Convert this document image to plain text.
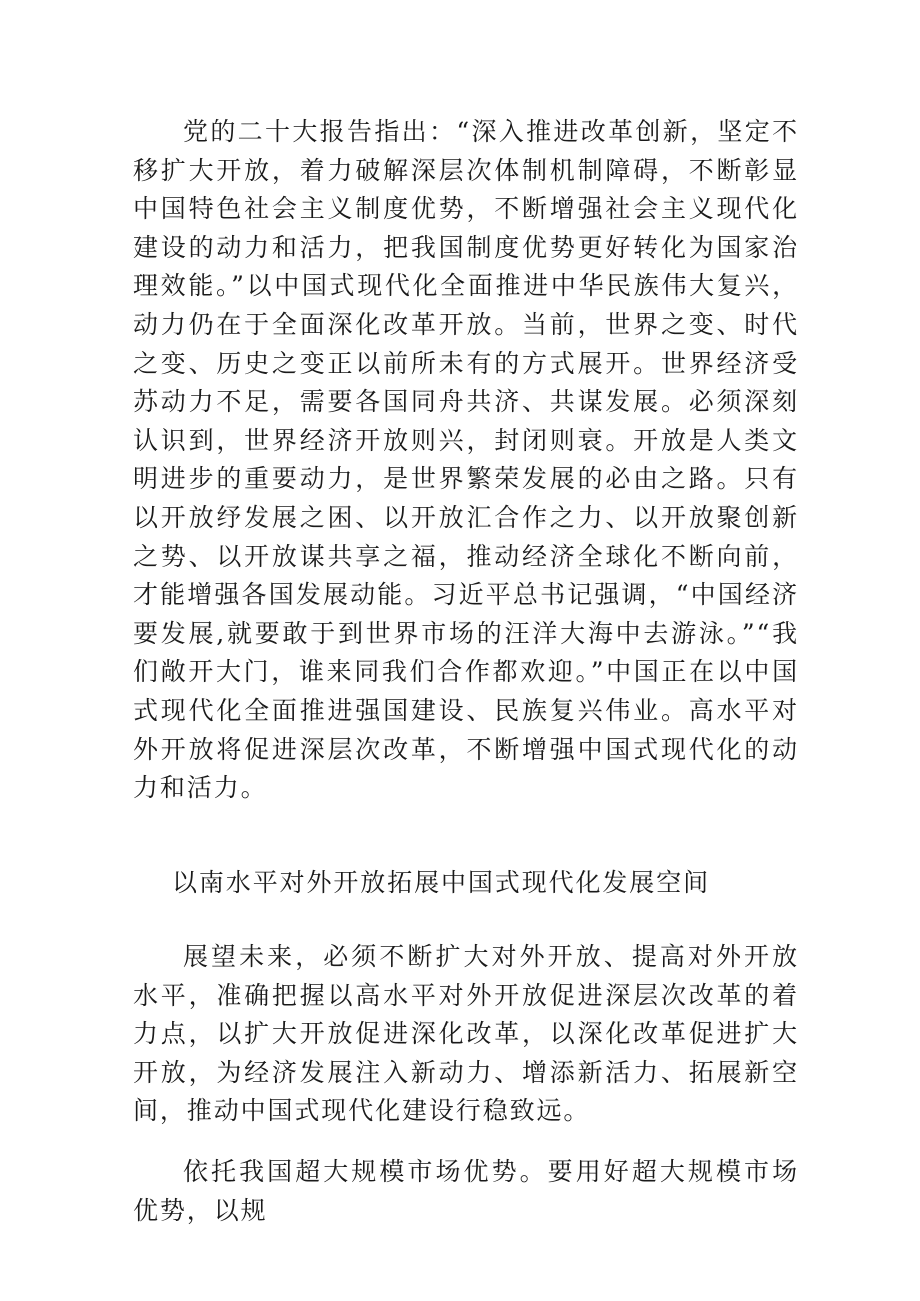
党的二十大报告指出：“深入推进改革创新，坚定不移扩大开放，着力破解深层次体制机制障碍，不断彰显中国特色社会主义制度优势，不断增强社会主义现代化建设的动力和活力，把我国制度优势更好转化为国家治理效能。”以中国式现代化全面推进中华民族伟大复兴，动力仍在于全面深化改革开放。当前，世界之变、时代之变、历史之变正以前所未有的方式展开。世界经济受苏动力不足，需要各国同舟共济、共谋发展。必须深刻认识到，世界经济开放则兴，封闭则衰。开放是人类文明进步的重要动力，是世界繁荣发展的必由之路。只有以开放纾发展之困、以开放汇合作之力、以开放聚创新之势、以开放谋共享之福，推动经济全球化不断向前，才能增强各国发展动能。习近平总书记强调，“中国经济要发展,就要敢于到世界市场的汪洋大海中去游泳。”“我们敞开大门，谁来同我们合作都欢迎。”中国正在以中国式现代化全面推进强国建设、民族复兴伟业。高水平对外开放将促进深层次改革，不断增强中国式现代化的动力和活力。

以南水平对外开放拓展中国式现代化发展空间

展望未来，必须不断扩大对外开放、提高对外开放水平，准确把握以高水平对外开放促进深层次改革的着力点，以扩大开放促进深化改革，以深化改革促进扩大开放，为经济发展注入新动力、增添新活力、拓展新空间，推动中国式现代化建设行稳致远。

依托我国超大规模市场优势。要用好超大规模市场优势，以规
